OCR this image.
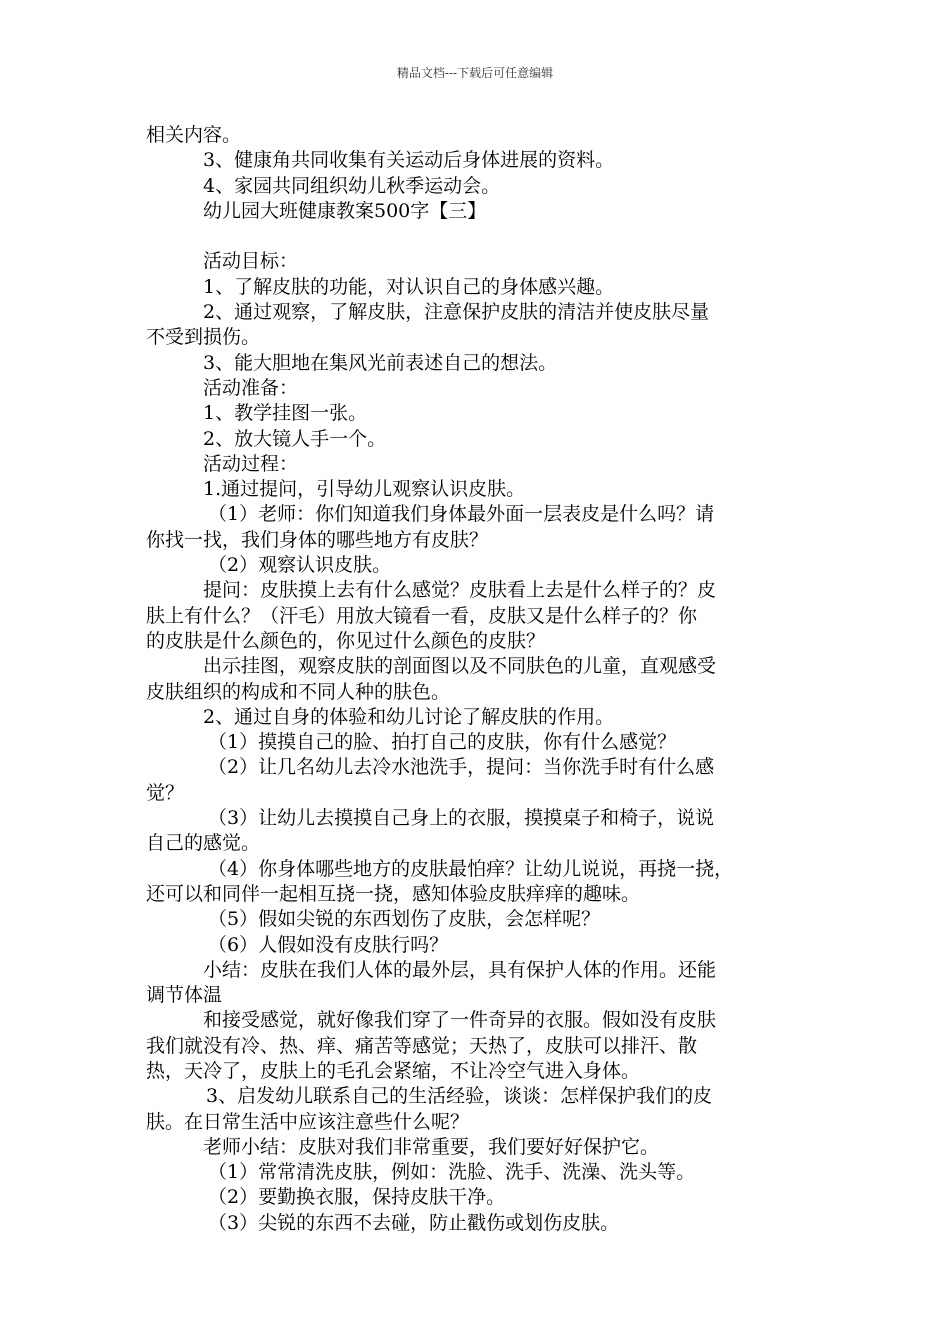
精品文档---下载后可任意编辑
相关内容。
3、健康角共同收集有关运动后身体进展的资料。
4、家园共同组织幼儿秋季运动会。
幼儿园大班健康教案500字【三】
活动目标：
1、了解皮肤的功能，对认识自己的身体感兴趣。
2、通过观察，了解皮肤，注意保护皮肤的清洁并使皮肤尽量
不受到损伤。
3、能大胆地在集风光前表述自己的想法。
活动准备：
1、教学挂图一张。
2、放大镜人手一个。
活动过程：
1.通过提问，引导幼儿观察认识皮肤。
（1）老师：你们知道我们身体最外面一层表皮是什么吗？请
你找一找，我们身体的哪些地方有皮肤？
（2）观察认识皮肤。
提问：皮肤摸上去有什么感觉？皮肤看上去是什么样子的？皮
肤上有什么？（汗毛）用放大镜看一看，皮肤又是什么样子的？你
的皮肤是什么颜色的，你见过什么颜色的皮肤？
出示挂图，观察皮肤的剖面图以及不同肤色的儿童，直观感受
皮肤组织的构成和不同人种的肤色。
2、通过自身的体验和幼儿讨论了解皮肤的作用。
（1）摸摸自己的脸、拍打自己的皮肤，你有什么感觉？
（2）让几名幼儿去冷水池洗手，提问：当你洗手时有什么感
觉？
（3）让幼儿去摸摸自己身上的衣服，摸摸桌子和椅子，说说
自己的感觉。
（4）你身体哪些地方的皮肤最怕痒？让幼儿说说，再挠一挠，
还可以和同伴一起相互挠一挠，感知体验皮肤痒痒的趣味。
（5）假如尖锐的东西划伤了皮肤，会怎样呢？
（6）人假如没有皮肤行吗？
小结：皮肤在我们人体的最外层，具有保护人体的作用。还能
调节体温
和接受感觉，就好像我们穿了一件奇异的衣服。假如没有皮肤
我们就没有冷、热、痒、痛苦等感觉；天热了，皮肤可以排汗、散
热，天冷了，皮肤上的毛孔会紧缩，不让冷空气进入身体。
3、启发幼儿联系自己的生活经验，谈谈：怎样保护我们的皮
肤。在日常生活中应该注意些什么呢？
老师小结：皮肤对我们非常重要，我们要好好保护它。
（1）常常清洗皮肤，例如：洗脸、洗手、洗澡、洗头等。
（2）要勤换衣服，保持皮肤干净。
（3）尖锐的东西不去碰，防止戳伤或划伤皮肤。
